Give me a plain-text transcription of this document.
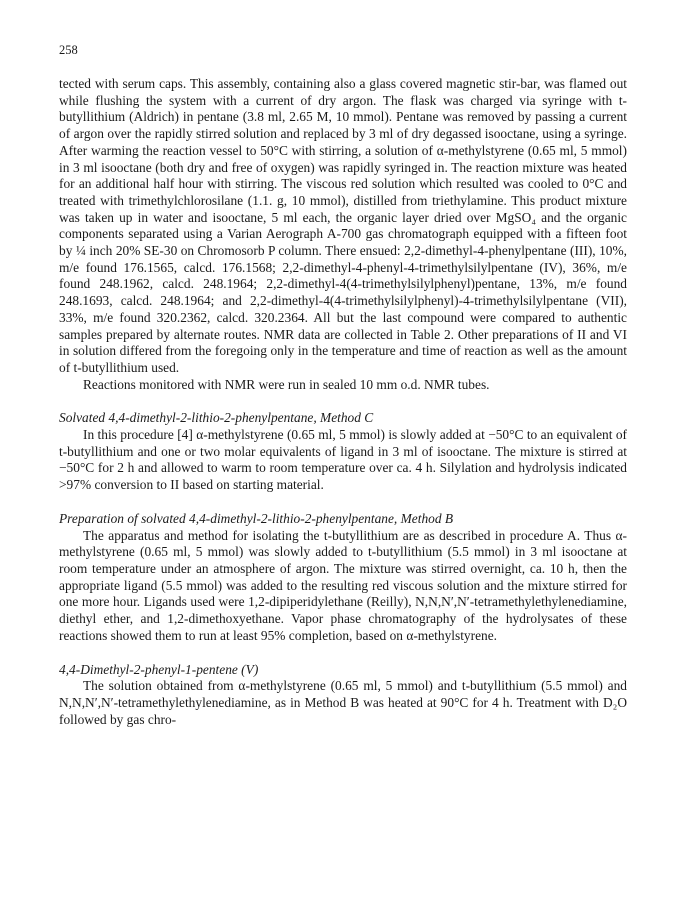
258

tected with serum caps. This assembly, containing also a glass covered magnetic stir-bar, was flamed out while flushing the system with a current of dry argon. The flask was charged via syringe with t-butyllithium (Aldrich) in pentane (3.8 ml, 2.65 M, 10 mmol). Pentane was removed by passing a current of argon over the rapidly stirred solution and replaced by 3 ml of dry degassed isooctane, using a syringe. After warming the reaction vessel to 50°C with stirring, a solution of α-methylstyrene (0.65 ml, 5 mmol) in 3 ml isooctane (both dry and free of oxygen) was rapidly syringed in. The reaction mixture was heated for an additional half hour with stirring. The viscous red solution which resulted was cooled to 0°C and treated with trimethylchlorosilane (1.1. g, 10 mmol), distilled from triethylamine. This product mixture was taken up in water and isooctane, 5 ml each, the organic layer dried over MgSO₄ and the organic components separated using a Varian Aerograph A-700 gas chromatograph equipped with a fifteen foot by ¼ inch 20% SE-30 on Chromosorb P column. There ensued: 2,2-dimethyl-4-phenylpentane (III), 10%, m/e found 176.1565, calcd. 176.1568; 2,2-dimethyl-4-phenyl-4-trimethylsilylpentane (IV), 36%, m/e found 248.1962, calcd. 248.1964; 2,2-dimethyl-4(4-trimethylsilylphenyl)pentane, 13%, m/e found 248.1693, calcd. 248.1964; and 2,2-dimethyl-4(4-trimethylsilylphenyl)-4-trimethylsilylpentane (VII), 33%, m/e found 320.2362, calcd. 320.2364. All but the last compound were compared to authentic samples prepared by alternate routes. NMR data are collected in Table 2. Other preparations of II and VI in solution differed from the foregoing only in the temperature and time of reaction as well as the amount of t-butyllithium used.

Reactions monitored with NMR were run in sealed 10 mm o.d. NMR tubes.

Solvated 4,4-dimethyl-2-lithio-2-phenylpentane, Method C

In this procedure [4] α-methylstyrene (0.65 ml, 5 mmol) is slowly added at −50°C to an equivalent of t-butyllithium and one or two molar equivalents of ligand in 3 ml of isooctane. The mixture is stirred at −50°C for 2 h and allowed to warm to room temperature over ca. 4 h. Silylation and hydrolysis indicated >97% conversion to II based on starting material.

Preparation of solvated 4,4-dimethyl-2-lithio-2-phenylpentane, Method B

The apparatus and method for isolating the t-butyllithium are as described in procedure A. Thus α-methylstyrene (0.65 ml, 5 mmol) was slowly added to t-butyllithium (5.5 mmol) in 3 ml isooctane at room temperature under an atmosphere of argon. The mixture was stirred overnight, ca. 10 h, then the appropriate ligand (5.5 mmol) was added to the resulting red viscous solution and the mixture stirred for one more hour. Ligands used were 1,2-dipiperidylethane (Reilly), N,N,N′,N′-tetramethylethylenediamine, diethyl ether, and 1,2-dimethoxyethane. Vapor phase chromatography of the hydrolysates of these reactions showed them to run at least 95% completion, based on α-methylstyrene.

4,4-Dimethyl-2-phenyl-1-pentene (V)

The solution obtained from α-methylstyrene (0.65 ml, 5 mmol) and t-butyllithium (5.5 mmol) and N,N,N′,N′-tetramethylethylenediamine, as in Method B was heated at 90°C for 4 h. Treatment with D₂O followed by gas chro-
